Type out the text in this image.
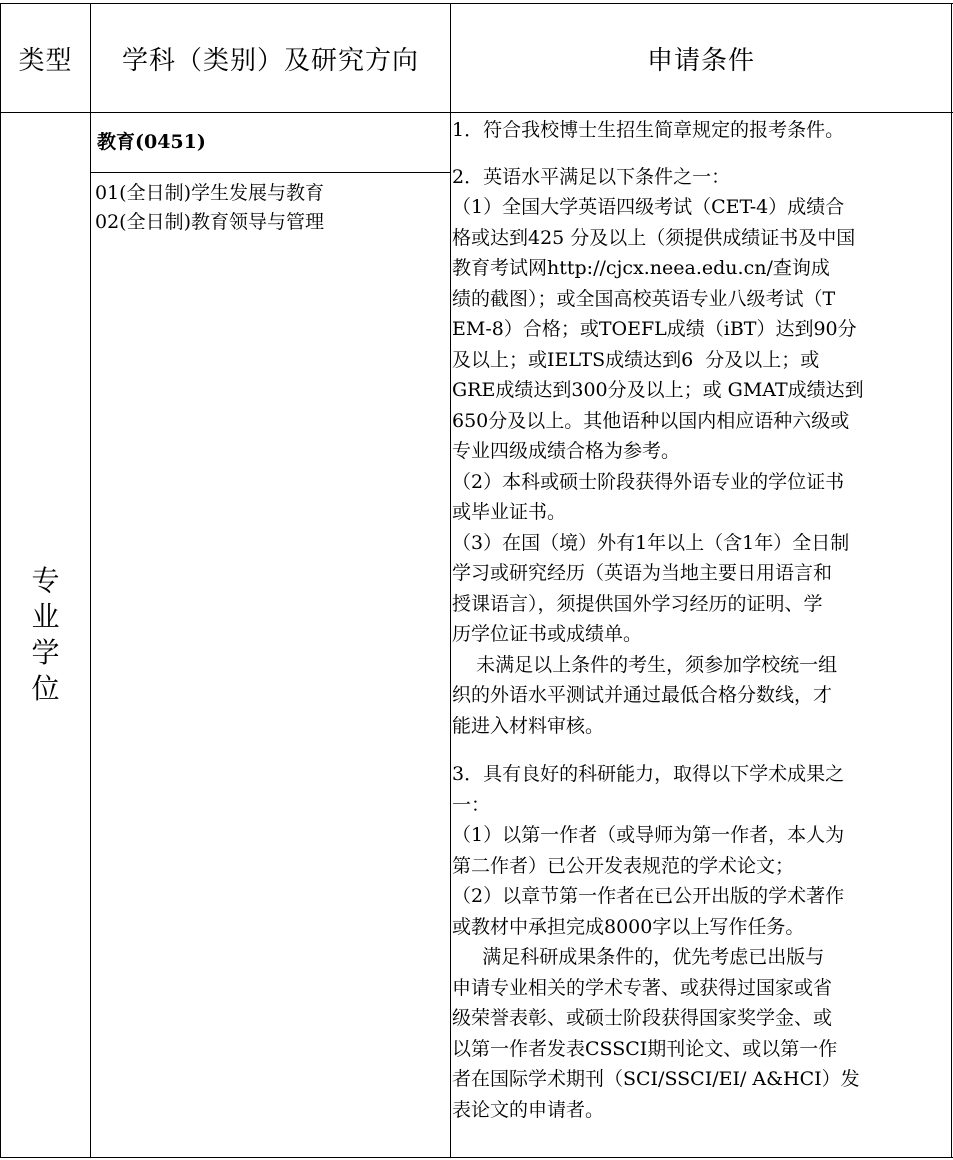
类型	学科（类别）及研究方向	申请条件
专业学位
教育(0451)
01(全日制)学生发展与教育
02(全日制)教育领导与管理
1．符合我校博士生招生简章规定的报考条件。
2．英语水平满足以下条件之一：
（1）全国大学英语四级考试（CET-4）成绩合
格或达到425 分及以上（须提供成绩证书及中国
教育考试网http://cjcx.neea.edu.cn/查询成
绩的截图）；或全国高校英语专业八级考试（T
EM-8）合格；或TOEFL成绩（iBT）达到90分
及以上；或IELTS成绩达到6  分及以上；或
GRE成绩达到300分及以上；或 GMAT成绩达到
650分及以上。其他语种以国内相应语种六级或
专业四级成绩合格为参考。
（2）本科或硕士阶段获得外语专业的学位证书
或毕业证书。
（3）在国（境）外有1年以上（含1年）全日制
学习或研究经历（英语为当地主要日用语言和
授课语言），须提供国外学习经历的证明、学
历学位证书或成绩单。
未满足以上条件的考生，须参加学校统一组
织的外语水平测试并通过最低合格分数线，才
能进入材料审核。
3．具有良好的科研能力，取得以下学术成果之
一：
（1）以第一作者（或导师为第一作者，本人为
第二作者）已公开发表规范的学术论文；
（2）以章节第一作者在已公开出版的学术著作
或教材中承担完成8000字以上写作任务。
满足科研成果条件的，优先考虑已出版与
申请专业相关的学术专著、或获得过国家或省
级荣誉表彰、或硕士阶段获得国家奖学金、或
以第一作者发表CSSCI期刊论文、或以第一作
者在国际学术期刊（SCI/SSCI/EI/ A&HCI）发
表论文的申请者。
